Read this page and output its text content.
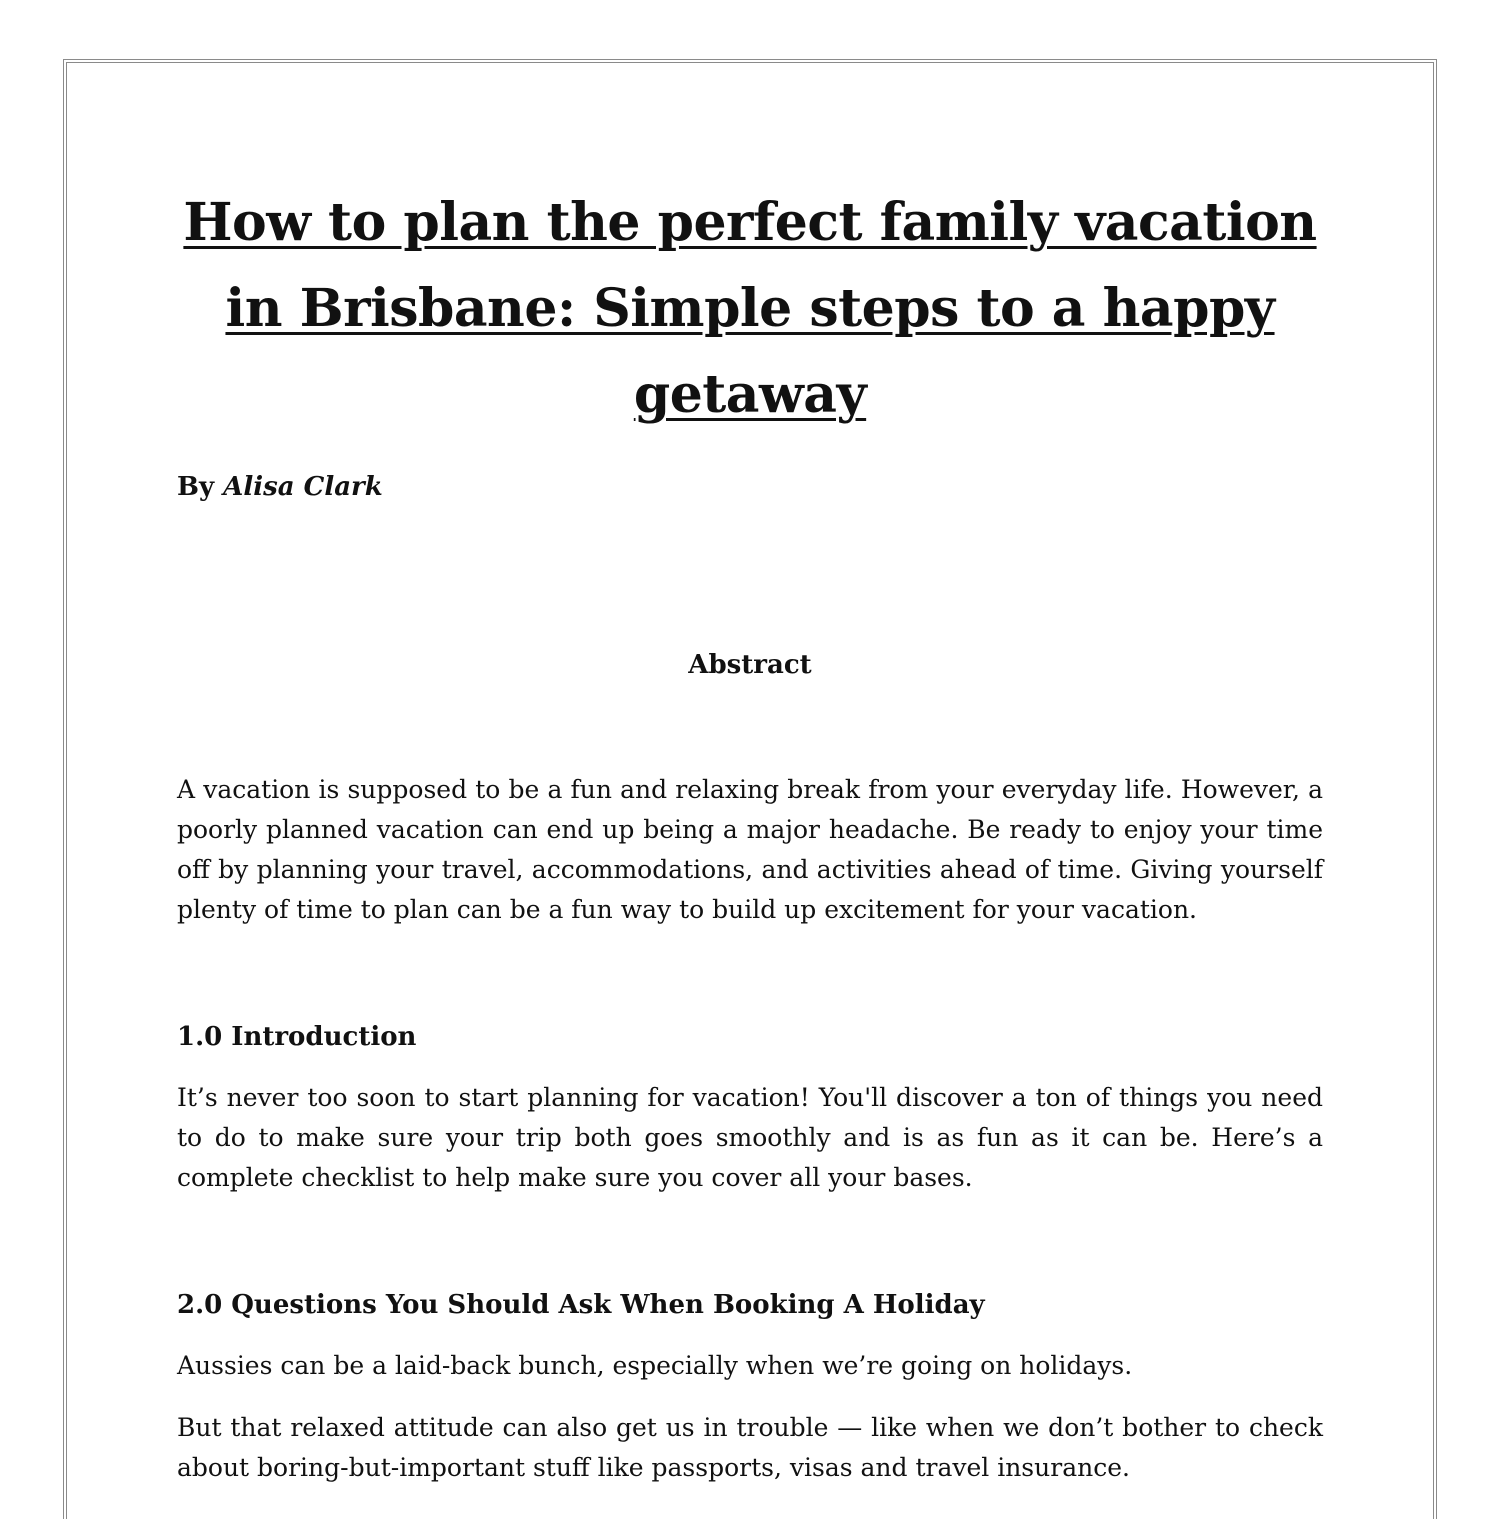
How to plan the perfect family vacation in Brisbane: Simple steps to a happy getaway
By Alisa Clark
Abstract

A vacation is supposed to be a fun and relaxing break from your everyday life. However, a poorly planned vacation can end up being a major headache. Be ready to enjoy your time off by planning your travel, accommodations, and activities ahead of time. Giving yourself plenty of time to plan can be a fun way to build up excitement for your vacation.

1.0 Introduction

It’s never too soon to start planning for vacation! You'll discover a ton of things you need to do to make sure your trip both goes smoothly and is as fun as it can be. Here’s a complete checklist to help make sure you cover all your bases.

2.0 Questions You Should Ask When Booking A Holiday

Aussies can be a laid-back bunch, especially when we’re going on holidays.

But that relaxed attitude can also get us in trouble — like when we don’t bother to check about boring-but-important stuff like passports, visas and travel insurance.
